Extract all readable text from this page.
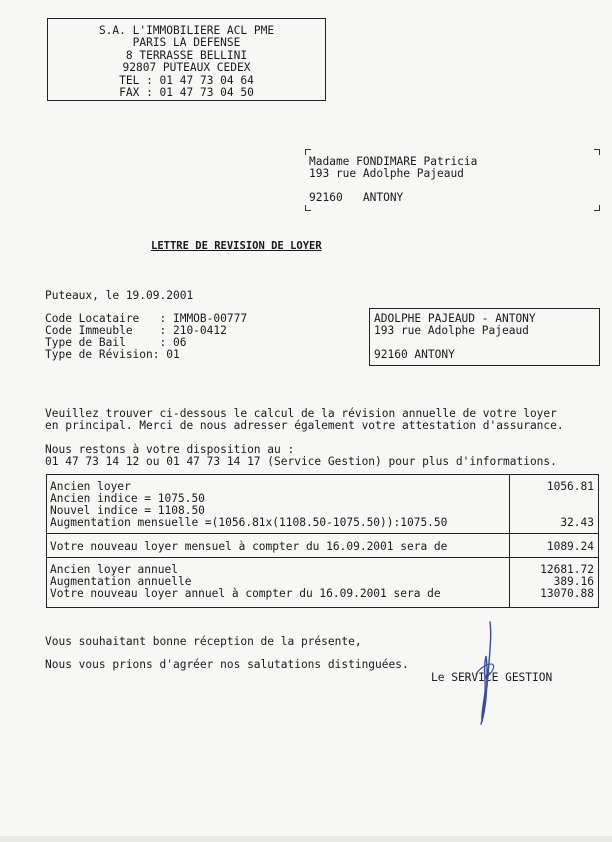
S.A. L'IMMOBILIERE ACL PME
PARIS LA DEFENSE
8 TERRASSE BELLINI
92807 PUTEAUX CEDEX
TEL : 01 47 73 04 64
FAX : 01 47 73 04 50
Madame FONDIMARE Patricia
193 rue Adolphe Pajeaud
92160   ANTONY
LETTRE DE REVISION DE LOYER
Puteaux, le 19.09.2001
Code Locataire   : IMMOB-00777
Code Immeuble    : 210-0412
Type de Bail     : 06
Type de Révision: 01
ADOLPHE PAJEAUD - ANTONY
193 rue Adolphe Pajeaud
92160 ANTONY
Veuillez trouver ci-dessous le calcul de la révision annuelle de votre loyer
en principal. Merci de nous adresser également votre attestation d'assurance.
Nous restons à votre disposition au :
01 47 73 14 12 ou 01 47 73 14 17 (Service Gestion) pour plus d'informations.
Ancien loyer
Ancien indice = 1075.50
Nouvel indice = 1108.50
Augmentation mensuelle =(1056.81x(1108.50-1075.50)):1075.50
1056.81
32.43
Votre nouveau loyer mensuel à compter du 16.09.2001 sera de	1089.24
Ancien loyer annuel
Augmentation annuelle
Votre nouveau loyer annuel à compter du 16.09.2001 sera de
12681.72
389.16
13070.88
Vous souhaitant bonne réception de la présente,
Nous vous prions d'agréer nos salutations distinguées.
Le SERVICE GESTION
